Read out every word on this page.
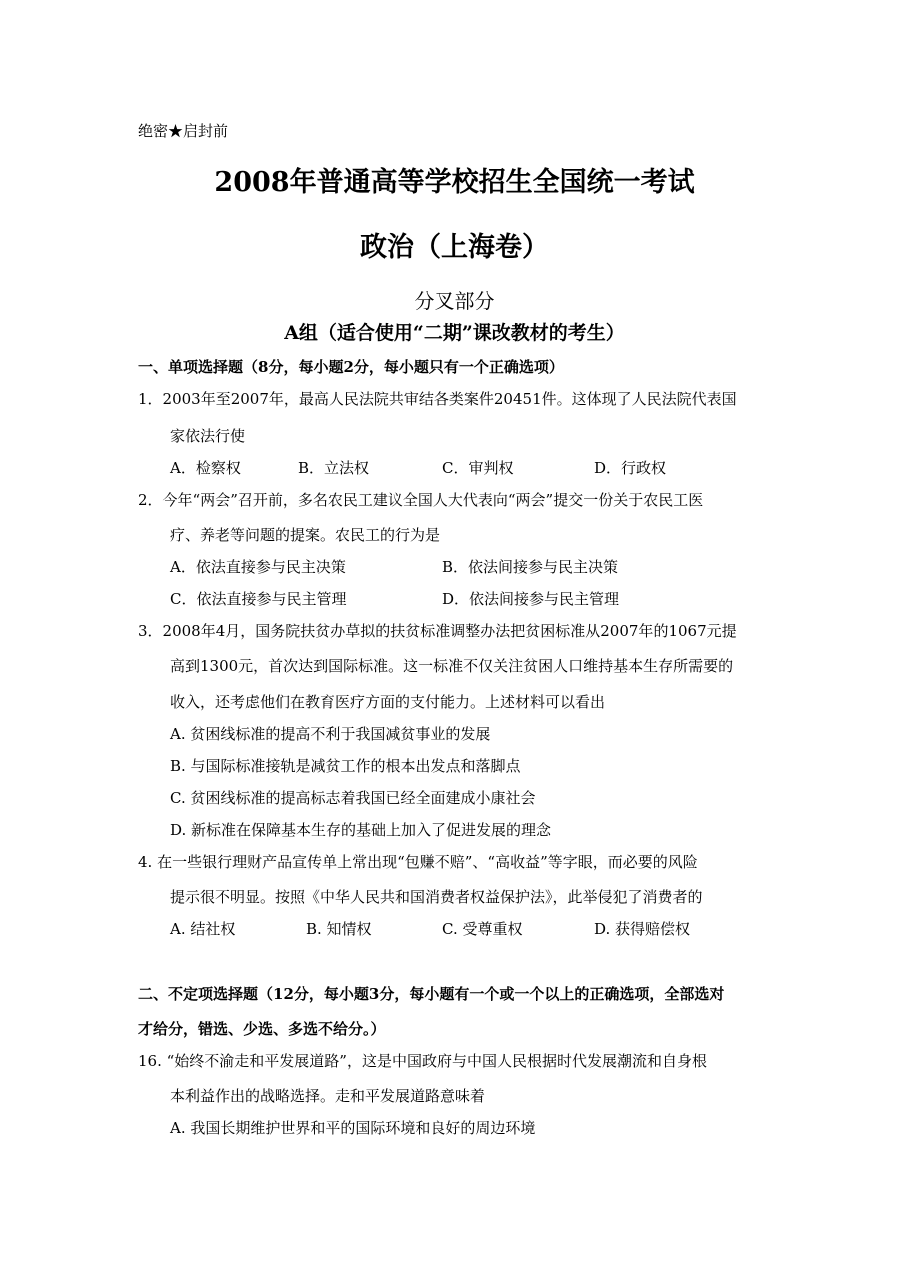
绝密★启封前
2008年普通高等学校招生全国统一考试
政治（上海卷）
分叉部分
A组（适合使用“二期”课改教材的考生）
一、单项选择题（8分，每小题2分，每小题只有一个正确选项）
1．2003年至2007年，最高人民法院共审结各类案件20451件。这体现了人民法院代表国
家依法行使
A．检察权	B．立法权	C．审判权	D．行政权
2．今年“两会”召开前，多名农民工建议全国人大代表向“两会”提交一份关于农民工医
疗、养老等问题的提案。农民工的行为是
A．依法直接参与民主决策	B．依法间接参与民主决策
C．依法直接参与民主管理	D．依法间接参与民主管理
3．2008年4月，国务院扶贫办草拟的扶贫标准调整办法把贫困标准从2007年的1067元提
高到1300元，首次达到国际标准。这一标准不仅关注贫困人口维持基本生存所需要的
收入，还考虑他们在教育医疗方面的支付能力。上述材料可以看出
A. 贫困线标准的提高不利于我国减贫事业的发展
B. 与国际标准接轨是减贫工作的根本出发点和落脚点
C. 贫困线标准的提高标志着我国已经全面建成小康社会
D. 新标准在保障基本生存的基础上加入了促进发展的理念
4. 在一些银行理财产品宣传单上常出现“包赚不赔”、“高收益”等字眼，而必要的风险
提示很不明显。按照《中华人民共和国消费者权益保护法》，此举侵犯了消费者的
A. 结社权	B. 知情权	C. 受尊重权	D. 获得赔偿权
二、不定项选择题（12分，每小题3分，每小题有一个或一个以上的正确选项，全部选对
才给分，错选、少选、多选不给分。）
16. “始终不渝走和平发展道路”，这是中国政府与中国人民根据时代发展潮流和自身根
本利益作出的战略选择。走和平发展道路意味着
A. 我国长期维护世界和平的国际环境和良好的周边环境
